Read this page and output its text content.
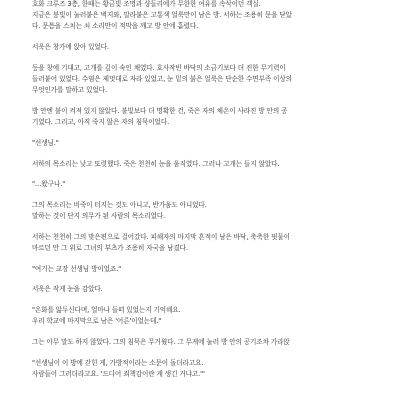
호화 크루즈 3층, 한때는 황금빛 조명과 샹들리에가 무한한 여유를 속삭이던 객실.
지금은 붕빛이 눌러붙은 벽지와, 말라붙은 고통색 얼룩만이 남은 방. 서하는 조용히 문을 닫았
다. 문틈을 스치는 쇠 소리만이 적막을 깨고 방 안에 흩렸다.

서욱은 창가에 앉아 있었다.

등을 창에 기대고, 고개를 깊이 숙인 채였다. 호사작빈 바닥의 소금기보다 더 진한 무기력이
들러붙어 있었다. 수염은 제멋대로 자라 있었고, 눈 밑의 붉은 얼룩은 단순한 수면부족 이상의
무엇인가를 말하고 있었다.

방 안엔 불이 켜져 있지 않았다. 불빛보다 더 명확한 건, 죽은 자의 체온이 사라진 방 안의 공
기였다. 그리고, 아직 죽지 않은 자의 침묵이었다.

"선생님."

서하의 목소리는 낮고 또렷했다. 죽은 천천히 눈을 움직였다. 그러나 고개는 들지 않았다.

"…왔구나."

그의 목소리는 비죽이 터지는 것도 아니고, 반가움도 아니었다.
말하는 것이 단지 의무가 된 사람의 목소리였다.

서하는 천천히 그의 맞은편으로 걸어갔다. 피해자의 마지막 흔적이 남은 바닥, 축축한 핏물이
마르던 만 그 위로 그녀의 부츠가 조용히 자국을 남겼다.

"여기는 교장 선생님 방이었죠."

서욱은 작게 눈을 감았다.

"온화를 앓두신다며, 얼마나 들떠 있었는지 기억해요.
우리 학교에 마지막으로 남은 '어른'이었는데."

그는 아무 말도 하지 않았다. 그의 침묵은 무거웠다. 그 무게에 눌러 방 안의 공기조차 가라앉

"선생님이 이 방에 갇힌 게, 가방적이라는 소문이 돌더라고요.
사람들이 그러더라고요. '드디어 죄책감이란 게 생긴 거냐고.'"
